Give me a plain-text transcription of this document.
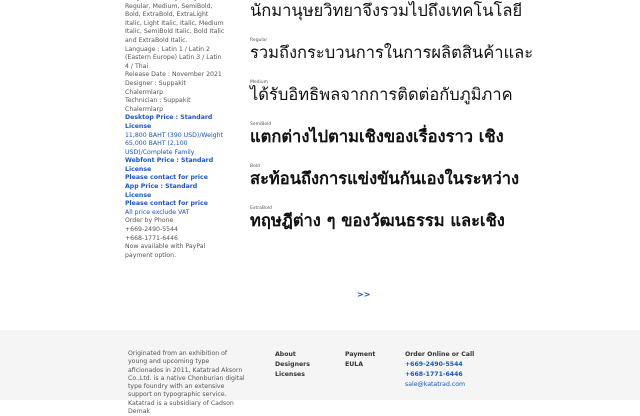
Regular, Medium, SemiBold, Bold, ExtraBold, ExtraLight Italic, Light Italic, Italic, Medium Italic, SemiBold Italic, Bold Italic and ExtraBold Italic.

Language : Latin 1 / Latin 2 (Eastern Europe) Latin 3 / Latin 4 / Thai

Release Date : November 2021

Designer : Suppakit Chalermlarp

Technician : Suppakit Chalermlarp

Desktop Price : Standard License

11,800 BAHT (390 USD)/Weight 65,000 BAHT (2,100 USD)/Complete Family

Webfont Price : Standard License

Please contact for price

App Price : Standard License

Please contact for price

All price exclude VAT

Order by Phone

+669-2490-5544

+668-1771-6446

Now available with PayPal payment option.

นักมานุษยวิทยาจึงรวมไปถึงเทคโนโลยี
Regular
รวมถึงกระบวนการในการผลิตสินค้าและ
Medium
ได้รับอิทธิพลจากการติดต่อกับภูมิภาค
SemiBold
แตกต่างไปตามเชิงของเรื่องราว เชิง
Bold
สะท้อนถึงการแข่งขันกันเองในระหว่าง
ExtraBold
ทฤษฎีต่าง ๆ ของวัฒนธรรม และเชิง
>>

Originated from an exhibition of young and upcoming type aficionados in 2011, Katatrad Aksorn Co.,Ltd. is a native Chonburian digital type foundry with an extensive support on typographic service. Katatrad is a subsidiary of Cadson Demak

About
Designers
Licenses
Payment
EULA
Order Online or Call
+669-2490-5544
+668-1771-6446
sale@katatrad.com
